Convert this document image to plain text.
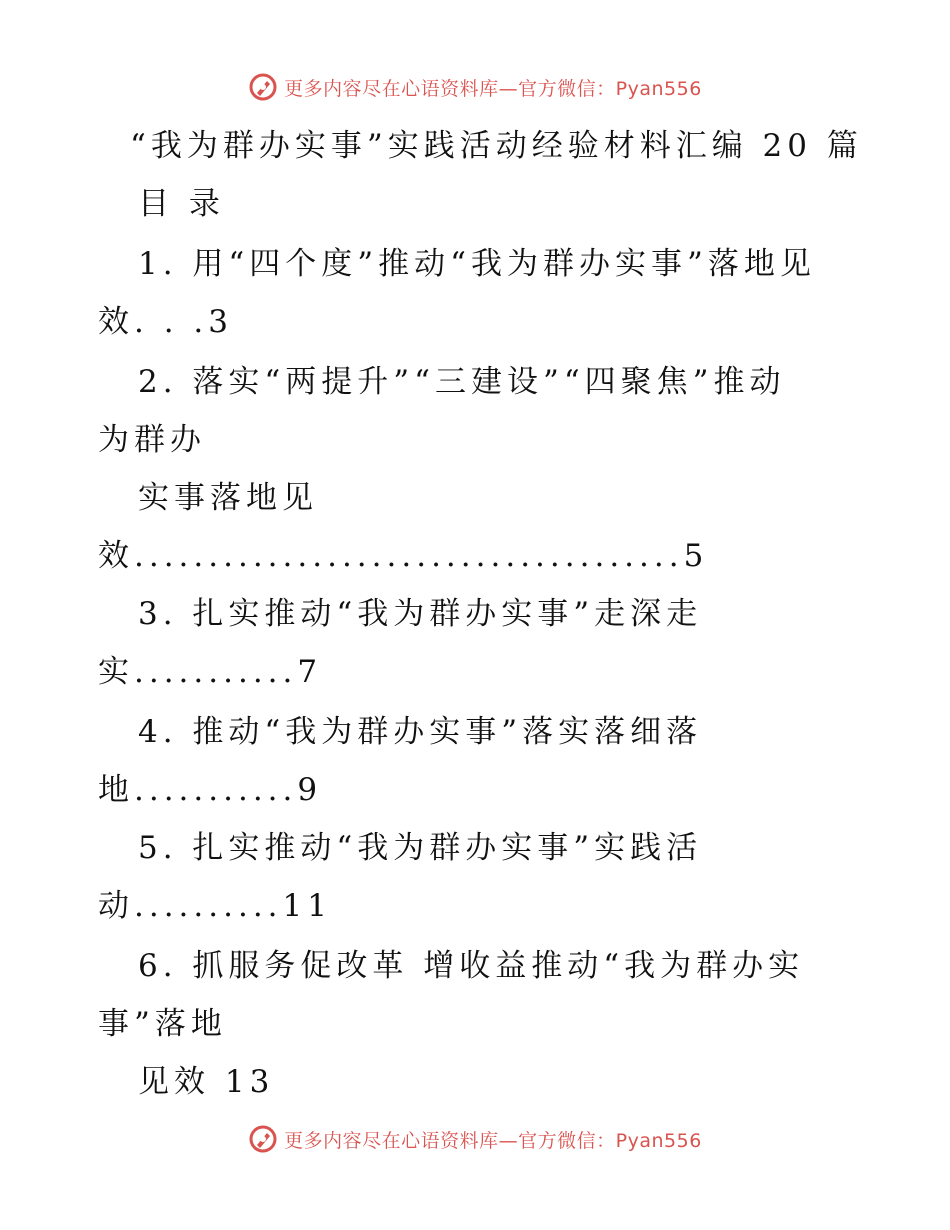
更多内容尽在心语资料库—官方微信：Pyan556
“我为群办实事”实践活动经验材料汇编 20 篇
目 录
1. 用“四个度”推动“我为群办实事”落地见
效. . .3
2. 落实“两提升”“三建设”“四聚焦”推动
为群办
实事落地见
效.....................................5
3. 扎实推动“我为群办实事”走深走
实...........7
4. 推动“我为群办实事”落实落细落
地...........9
5. 扎实推动“我为群办实事”实践活
动..........11
6. 抓服务促改革 增收益推动“我为群办实
事”落地
见效 13
更多内容尽在心语资料库—官方微信：Pyan556
